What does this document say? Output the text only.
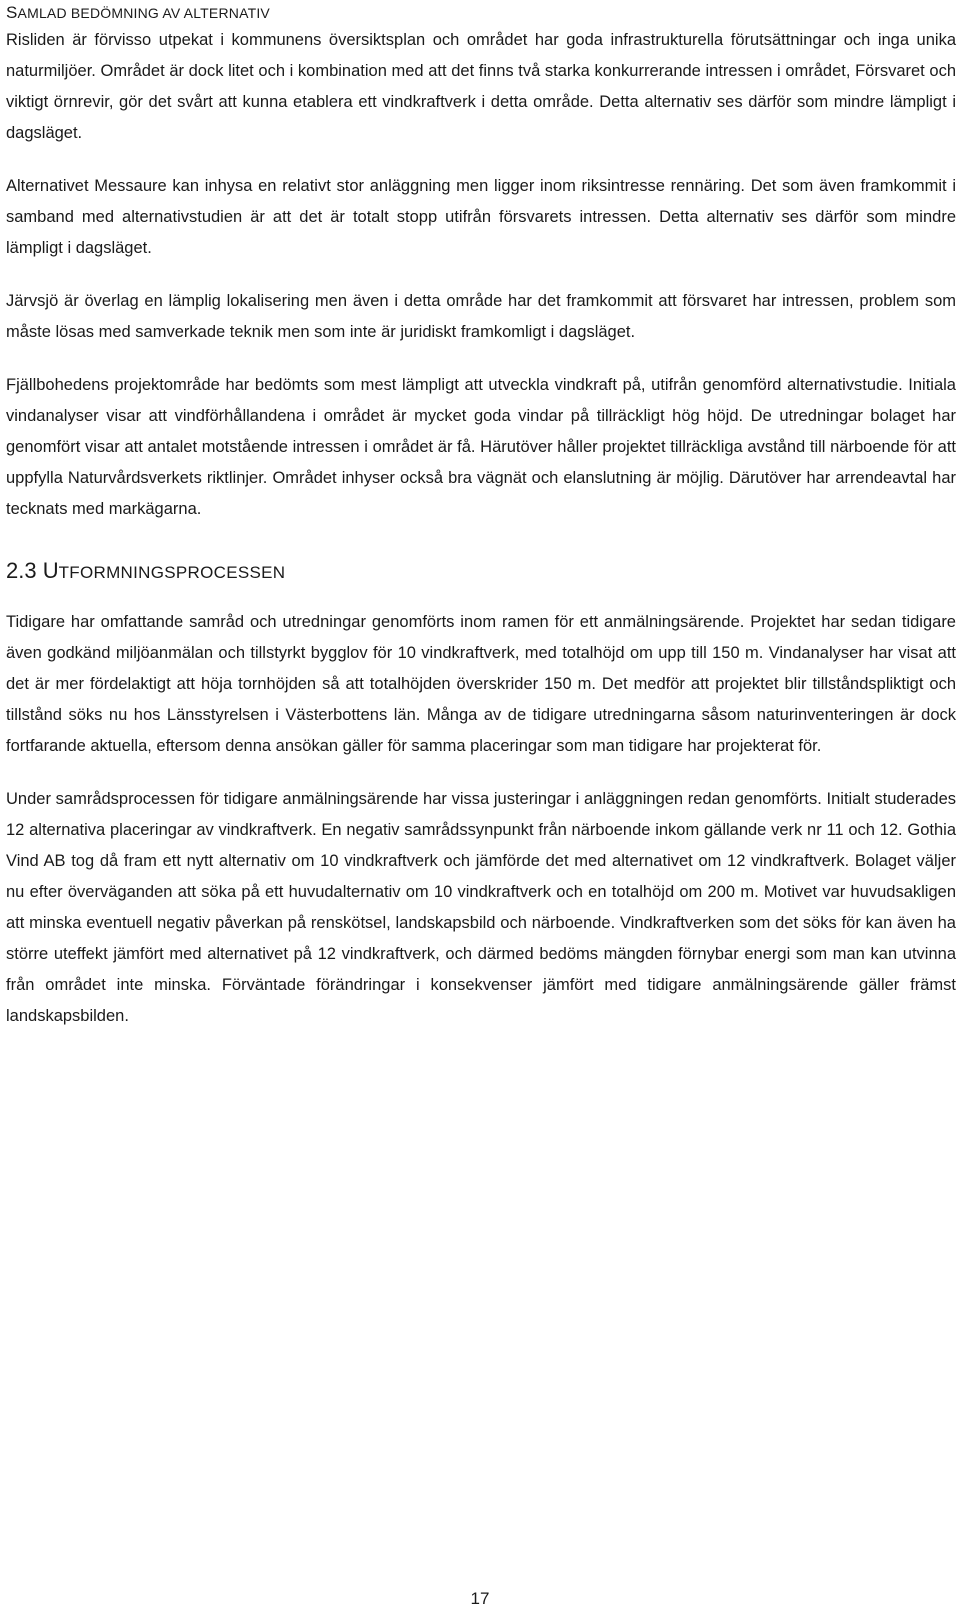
SAMLAD BEDÖMNING AV ALTERNATIV

Risliden är förvisso utpekat i kommunens översiktsplan och området har goda infrastrukturella förutsättningar och inga unika naturmiljöer. Området är dock litet och i kombination med att det finns två starka konkurrerande intressen i området, Försvaret och viktigt örnrevir, gör det svårt att kunna etablera ett vindkraftverk i detta område. Detta alternativ ses därför som mindre lämpligt i dagsläget.

Alternativet Messaure kan inhysa en relativt stor anläggning men ligger inom riksintresse rennäring. Det som även framkommit i samband med alternativstudien är att det är totalt stopp utifrån försvarets intressen. Detta alternativ ses därför som mindre lämpligt i dagsläget.

Järvsjö är överlag en lämplig lokalisering men även i detta område har det framkommit att försvaret har intressen, problem som måste lösas med samverkade teknik men som inte är juridiskt framkomligt i dagsläget.

Fjällbohedens projektområde har bedömts som mest lämpligt att utveckla vindkraft på, utifrån genomförd alternativstudie. Initiala vindanalyser visar att vindförhållandena i området är mycket goda vindar på tillräckligt hög höjd. De utredningar bolaget har genomfört visar att antalet motstående intressen i området är få. Härutöver håller projektet tillräckliga avstånd till närboende för att uppfylla Naturvårdsverkets riktlinjer. Området inhyser också bra vägnät och elanslutning är möjlig. Därutöver har arrendeavtal har tecknats med markägarna.

2.3 UTFORMNINGSPROCESSEN

Tidigare har omfattande samråd och utredningar genomförts inom ramen för ett anmälningsärende. Projektet har sedan tidigare även godkänd miljöanmälan och tillstyrkt bygglov för 10 vindkraftverk, med totalhöjd om upp till 150 m. Vindanalyser har visat att det är mer fördelaktigt att höja tornhöjden så att totalhöjden överskrider 150 m. Det medför att projektet blir tillståndspliktigt och tillstånd söks nu hos Länsstyrelsen i Västerbottens län. Många av de tidigare utredningarna såsom naturinventeringen är dock fortfarande aktuella, eftersom denna ansökan gäller för samma placeringar som man tidigare har projekterat för.

Under samrådsprocessen för tidigare anmälningsärende har vissa justeringar i anläggningen redan genomförts. Initialt studerades 12 alternativa placeringar av vindkraftverk. En negativ samrådssynpunkt från närboende inkom gällande verk nr 11 och 12. Gothia Vind AB tog då fram ett nytt alternativ om 10 vindkraftverk och jämförde det med alternativet om 12 vindkraftverk. Bolaget väljer nu efter överväganden att söka på ett huvudalternativ om 10 vindkraftverk och en totalhöjd om 200 m. Motivet var huvudsakligen att minska eventuell negativ påverkan på renskötsel, landskapsbild och närboende. Vindkraftverken som det söks för kan även ha större uteffekt jämfört med alternativet på 12 vindkraftverk, och därmed bedöms mängden förnybar energi som man kan utvinna från området inte minska. Förväntade förändringar i konsekvenser jämfört med tidigare anmälningsärende gäller främst landskapsbilden.

17
